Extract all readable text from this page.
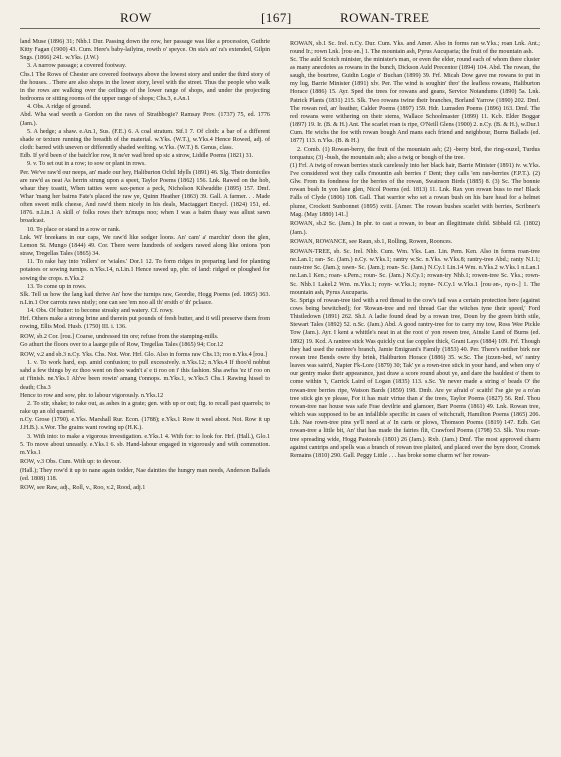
ROW	[167]	ROWAN-TREE

land Muse (1896) 31; Nhb.1 Dur. Passing down the row, her passage was like a procession, Guthrie Kitty Fagan (1900) 43. Cum. Here's baby-lailyins, rowth o' speyce. On sta's an' ra's extended, Gilpin Sngs. (1866) 241. w.Yks. (J.W.)

3. A narrow passage; a covered footway.

Chs.1 The Rows of Chester are covered footways above the lowest story and under the third story of the houses. . There are also shops in the lower story, level with the street. Thus the people who walk in the rows are walking over the ceilings of the lower range of shops, and under the projecting bedrooms or sitting rooms of the upper range of shops; Chs.3, e.An.1

4. Obs. A ridge of ground.

Abd. Wha wad weeth a Gordon on the raws of Strathbogie? Ramsay Prov. (1737) 75, ed. 1776 (Jam.).

5. A hedge; a shaw. e.An.1, Sus. (F.E.) 6. A coal stratum. Stf.1 7. Of cloth: a bar of a different shade or texture running the breadth of the material. w.Yks. (W.T.), w.Yks.4 Hence Rowed, adj. of cloth: barred with uneven or differently shaded wefting. w.Yks. (W.T.) 8. Genus, class.

Edb. If ye'd been o' the batch'lor row, It ne'er wad bred up sic a strow, Liddle Poems (1821) 31.

9. v. To set out in a row; to sow or plant in rows.

Per. We've raw'd our neeps, an' made our hey, Haliburton Ochil Idylls (1891) 46. Slg. Their domiciles are raw'd as neat As herrin strung upon a speet, Taylor Poems (1862) 156. Lnk. Rawed on the hob, whaur they toastit, When tatties were sax-pence a peck, Nicholson Kilwuddie (1895) 157. Dmf. Whar 'mang her bairns Fate's placed the raw ye, Quinn Heather (1863) 39. Gall. A farmer. . . Made often sweet milk cheese, And raw'd them nicely in his deals, Mactaggart Encycl. (1824) 151, ed. 1876. n.Lin.1 A skill o' folks rows the'r tu'mups noo; when I was a bairn thaay was allust sawn broadcast.

10. To place or stand in a row or rank.

Lnk. Wi' breekans in our caps, We raw'd like sodger loons. An' cam' a' marchin' doon the glen, Lemon St. Mungo (1844) 49. Cor. There were hundreds of sodgers rawed along like onions 'pon straw, Tregellas Tales (1865) 34.

11. To rake hay into 'rollers' or 'wiales.' Dor.1 12. To form ridges in preparing land for planting potatoes or sowing turnips. n.Yks.14, n.Lin.1 Hence rawed up, phr. of land: ridged or ploughed for sowing the crops. n.Yks.2

13. To come up in rows.

Slk. Tell us how the lang kail thrive An' how the turnips raw, Geordie, Hogg Poems (ed. 1865) 363. n.Lin.1 Oor carrots raws nistly; one can see 'em noo all th' ersith o' th' pclaace.

14. Obs. Of butter: to become streaky and watery. Cf. rowy.

Hrf. Others make a strong brine and therein put pounds of fresh butter, and it will preserve them from rowing, Ellis Mod. Husb. (1750) III. i. 136.

ROW, sb.2 Cor. [rou.] Coarse, undressed tin ore; refuse from the stamping-mills.

Go athurt the floors over to a laarge pile of Row, Tregellas Tales (1865) 94; Cor.12

ROW, v.2 and sb.3 n.Cy. Yks. Chs. Not. Wor. Hrf. Glo. Also in forms raw Chs.13; roo n.Yks.4 [rou.]

1. v. To work hard, esp. amid confusion; to pull excessively. n.Yks.12; n.Yks.4 If thoo'd nobbut sahd a few things by ez thoo went on thoo wadn't a' e ti roo on i' this fashion. Sha awfus 'ez ti' roo on at i'finish. ne.Yks.1 Ah've been rowin' amang t'onnops. m.Yks.1, w.Yks.5 Chs.1 Rawing hissel to death; Chs.3

Hence to row and sow, phr. to labour vigorously. n.Yks.12

2. To stir, shake; to rake out, as ashes in a grate; gen. with up or out; fig. to recall past quarrels; to rake up an old quarrel.

n.Cy. Grose (1790). e.Yks. Marshall Rur. Econ. (1788); e.Yks.1 Row it weel aboot. Not. Row it up J.H.B.). s.Wor. The grains want rowing up (H.K.).

3. With into: to make a vigorous investigation. e.Yks.1 4. With for: to look for. Hrf. (Hall.), Glo.1 5. To move about uneasily. e.Yks.1 6. sb. Hand-labour engaged in vigorously and with commotion. m.Yks.1

ROW, v.3 Obs. Cum. With up: to devour.

(Hall.); They row'd it up to nane again todder, Nae dainties the hungry man needs, Anderson Ballads (ed. 1808) 118.

ROW, see Raw, adj., Roll, v., Roo, v.2, Rood, adj.1

ROWAN, sb.1 Sc. Irel. n.Cy. Dur. Cum. Yks. and Amer. Also in forms ran w.Yks.; roan Lnk. Ant.; round Ir.; rown Lnk. [rou·ən.] 1. The mountain ash, Pyrus Aucuparia; the fruit of the mountain ash.

Sc. The auld Scotch minister, the minister's man, or even the elder, round each of whom there cluster as many anecdotes as rowans in the bunch, Dickson Auld Precentor (1894) 104. Abd. The rowan, the saugh, the bourtree, Guidin Logie o' Buchan (1899) 39. Frf. Micah Dow gave me rowans to put in my lug, Barrie Minister (1891) xlv. Per. The wind is soughin' thro' the leafless rowans, Haliburton Horace (1886) 15. Ayr. Sped the trees for rowans and geans, Service Notandums (1890) 5a. Lnk. Patrick Plants (1831) 215. Slk. Two rowans twine their branches, Borland Yarrow (1890) 202. Dmf. The rowan red, an' heather, Calder Poems (1897) 159. Hdr. Lumsden Poems (1896) 163. Dmf. The red rowans were withering on their stems, Wallace Schoolmaster (1899) 11. Kcb. Elder Boggar (1897) 19. Ir. (B. & H.) Ant. The scarlet roan is ripe, O'Neill Glens (1900) 2. n.Cy. (B. & H.), w.Dur.1 Cum. He wichs the foe with rowan bough And mans each friend and neighbour, Burns Ballads (ed. 1877) 113. n.Yks. (B. & H.)

2. Comb. (1) Rowan-berry, the fruit of the mountain ash; (2) -berry bird, the ring-ouzel, Turdus torquatus; (3) -bush, the mountain ash; also a twig or bough of the tree.

(1) Frf. A twig of rowan berries stuck carelessly into her black hair, Barrie Minister (1891) iv. w.Yks. I've considered wot they calls t'mountin ash berries i' Dent; they calls 'em ran-berries (F.P.T.). (2) Glw. From its fondness for the berries of the rowan, Swainson Birds (1885) 8. (3) Sc. The bonnie rowan bush In yon lane glen, Nicol Poems (ed. 1813) 11. Lnk. Rax yon rowan buss to me! Black Falls of Clyde (1806) 108. Gall. That warrior who set a rowan bush on his bare head for a helmet plume, Crockett Sunbonnet (1895) xviii. [Amer. The rowan bushes scarlet with berries, Scribner's Mag. (May 1880) 141.]

ROWAN, sb.2 Sc. (Jam.) In phr. to cast a rowan, to bear an illegitimate child. Sibbald Gl. (1802) (Jam.).

ROWAN, ROWANCE, see Raun, sb.1, Rolling, Rowen, Roonces.

ROWAN-TREE, sb. Sc. Irel. Nhb. Cum. Wm. Yks. Lan. Lin. Pem. Ken. Also in forms roan-tree ne.Lan.1; ran- Sc. (Jam.) n.Cy. w.Yks.1; rantry w.Sc. n.Yks. w.Yks.8; rantry-tree Abd.; ranty N.I.1; raun-tree Sc. (Jam.); rawn- Sc. (Jam.); roan- Sc. (Jam.) N.Cy.1 Lin.14 Wm. n.Yks.2 w.Yks.1 n.Lan.1 ne.Lan.1 Ken.; roan- s.Pem.; roun- Sc. (Jam.) N.Cy.1; rowan-try Nhb.1; rowen-tree Sc. Yks.; rown- Sc. Nhb.1 Lakel.2 Wm. m.Yks.1; royn- w.Yks.1; royne- N.Cy.1 w.Yks.1 [rou·ən-, rǫ·n-.] 1. The mountain ash, Pyrus Aucuparia.

Sc. Sprigs of rowan-tree tied with a red thread to the cow's tail was a certain protection here (against cows being bewitched); for 'Rowan-tree and red thread Gar the witches tyne their speed,' Ford Thistledown (1891) 262. Sh.I. A ladie found dead by a rowan tree, Doun by the green birth stile, Stewart Tales (1892) 52. n.Sc. (Jam.) Abd. A good rantry-tree for to carry my tow, Ross Wee Pickle Tow (Jam.). Ayr. I kent a whittle's neat in at the root o' yon rowen tree, Ainslie Land of Burns (ed. 1892) 19. Kcd. A rantree stick Was quickly cut fae copplee thick, Grant Lays (1884) 109. Frf. Though they had used the rantree's branch, Jamie Emigrant's Family (1853) 40. Per. There's neither birk nor rowan tree Bends owre thy brink, Haliburton Horace (1886) 35. w.Sc. The jizzen-bed, wi' rantry leaves was sain'd, Napier Fk-Lore (1879) 30; Tak' ye a rown-tree stick in your hand, and when ony o' our gentry make their appearance, just draw a score round about ye, and dare the bauldest o' them to come within 't, Carrick Laird of Logan (1835) 113. s.Sc. Ye never made a string o' beads O' the rowan-tree berries ripe, Watson Bards (1859) 198. Dmb. Are ye afraid o' scaith! I'se gie ye a ro'an tree stick gin ye please, For it has mair virtue than a' the trees, Taylor Poems (1827) 56. Rnf. Thou rowan-tree nae house was safe Frae devilrie and glamoer, Barr Poems (1861) 49. Lnk. Rowan tree, which was supposed to be an infallible specific in cases of witchcraft, Hamilton Poems (1865) 206. Lth. Nae rown-tree pins ye'll need at a' In carts or plows, Thomson Poems (1819) 147. Edb. Get rowan-tree a little bit, An' that has made the fairies flit, Crawford Poems (1798) 53. Slk. You roan-tree spreading wide, Hogg Pastorals (1801) 26 (Jam.). Rxb. (Jam.) Dmf. The most approved charm against cantrips and spells was a branch of rowan tree plaited, and placed over the byre door, Cromek Remains (1810) 290. Gall. Peggy Little . . . has broke some charm wi' her rowan-
